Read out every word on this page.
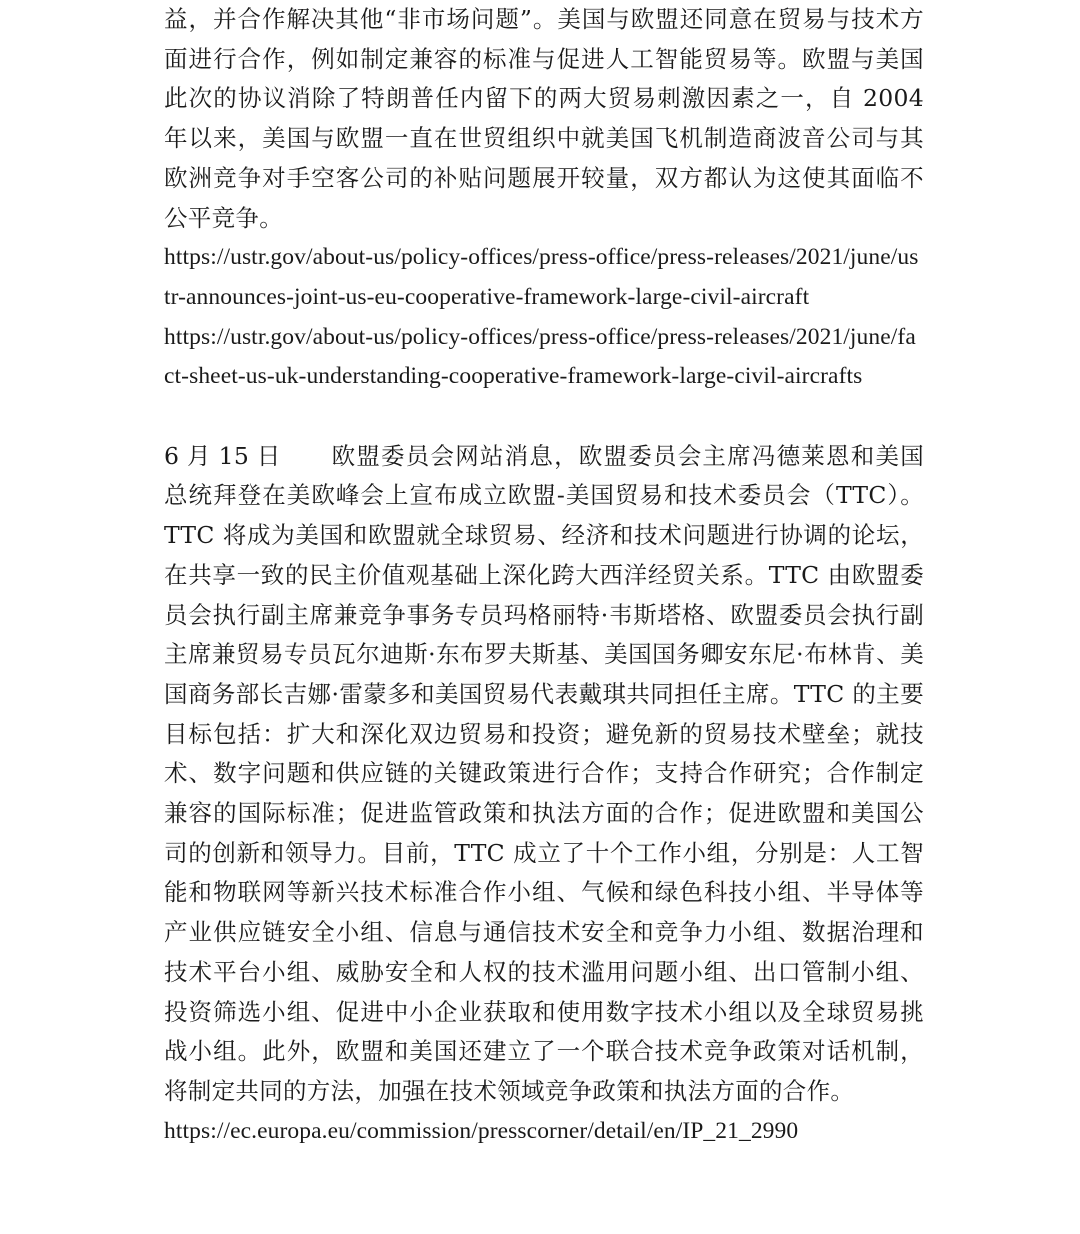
益，并合作解决其他“非市场问题”。美国与欧盟还同意在贸易与技术方面进行合作，例如制定兼容的标准与促进人工智能贸易等。欧盟与美国此次的协议消除了特朗普任内留下的两大贸易刺激因素之一，自 2004 年以来，美国与欧盟一直在世贸组织中就美国飞机制造商波音公司与其欧洲竞争对手空客公司的补贴问题展开较量，双方都认为这使其面临不公平竞争。

https://ustr.gov/about-us/policy-offices/press-office/press-releases/2021/june/ustr-announces-joint-us-eu-cooperative-framework-large-civil-aircraft

https://ustr.gov/about-us/policy-offices/press-office/press-releases/2021/june/fact-sheet-us-uk-understanding-cooperative-framework-large-civil-aircrafts

6 月 15 日 欧盟委员会网站消息，欧盟委员会主席冯德莱恩和美国总统拜登在美欧峰会上宣布成立欧盟-美国贸易和技术委员会（TTC）。TTC 将成为美国和欧盟就全球贸易、经济和技术问题进行协调的论坛，在共享一致的民主价值观基础上深化跨大西洋经贸关系。TTC 由欧盟委员会执行副主席兼竞争事务专员玛格丽特·韦斯塔格、欧盟委员会执行副主席兼贸易专员瓦尔迪斯·东布罗夫斯基、美国国务卿安东尼·布林肯、美国商务部长吉娜·雷蒙多和美国贸易代表戴琪共同担任主席。TTC 的主要目标包括：扩大和深化双边贸易和投资；避免新的贸易技术壁垒；就技术、数字问题和供应链的关键政策进行合作；支持合作研究；合作制定兼容的国际标准；促进监管政策和执法方面的合作；促进欧盟和美国公司的创新和领导力。目前，TTC 成立了十个工作小组，分别是：人工智能和物联网等新兴技术标准合作小组、气候和绿色科技小组、半导体等产业供应链安全小组、信息与通信技术安全和竞争力小组、数据治理和技术平台小组、威胁安全和人权的技术滥用问题小组、出口管制小组、投资筛选小组、促进中小企业获取和使用数字技术小组以及全球贸易挑战小组。此外，欧盟和美国还建立了一个联合技术竞争政策对话机制，将制定共同的方法，加强在技术领域竞争政策和执法方面的合作。

https://ec.europa.eu/commission/presscorner/detail/en/IP_21_2990
